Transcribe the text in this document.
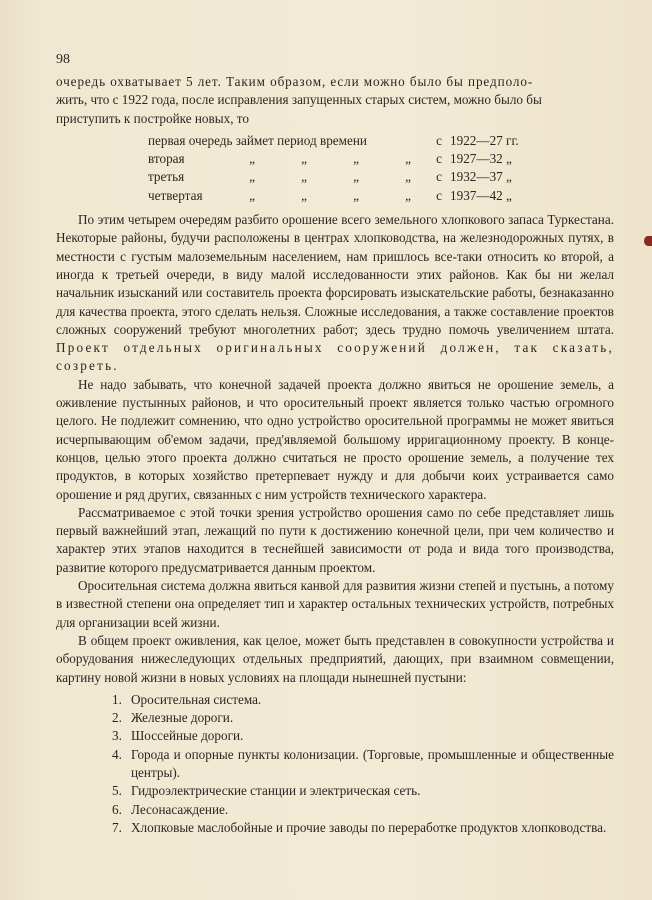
98

очередь охватывает 5 лет. Таким образом, если можно было бы предполо-
жить, что с 1922 года, после исправления запущенных старых систем, можно было бы
приступить к постройке новых, то

первая очередь займет период времени					с	1922—27 гг.
вторая	„	„	„	„	с	1927—32 „
третья	„	„	„	„	с	1932—37 „
четвертая	„	„	„	„	с	1937—42 „

По этим четырем очередям разбито орошение всего земельного хлопкового запаса Туркестана. Некоторые районы, будучи расположены в центрах хлопководства, на железнодорожных путях, в местности с густым малоземельным населением, нам пришлось все-таки относить ко второй, а иногда к третьей очереди, в виду малой исследованности этих районов. Как бы ни желал начальник изысканий или составитель проекта форсировать изыскательские работы, безнаказанно для качества проекта, этого сделать нельзя. Сложные исследования, а также составление проектов сложных сооружений требуют многолетних работ; здесь трудно помочь увеличением штата. Проект отдельных оригинальных сооружений должен, так сказать, созреть.

Не надо забывать, что конечной задачей проекта должно явиться не орошение земель, а оживление пустынных районов, и что оросительный проект является только частью огромного целого. Не подлежит сомнению, что одно устройство оросительной программы не может явиться исчерпывающим об'емом задачи, пред'являемой большому ирригационному проекту. В конце-концов, целью этого проекта должно считаться не просто орошение земель, а получение тех продуктов, в которых хозяйство претерпевает нужду и для добычи коих устраивается само орошение и ряд других, связанных с ним устройств технического характера.

Рассматриваемое с этой точки зрения устройство орошения само по себе представляет лишь первый важнейший этап, лежащий по пути к достижению конечной цели, при чем количество и характер этих этапов находится в теснейшей зависимости от рода и вида того производства, развитие которого предусматривается данным проектом.

Оросительная система должна явиться канвой для развития жизни степей и пустынь, а потому в известной степени она определяет тип и характер остальных технических устройств, потребных для организации всей жизни.

В общем проект оживления, как целое, может быть представлен в совокупности устройства и оборудования нижеследующих отдельных предприятий, дающих, при взаимном совмещении, картину новой жизни в новых условиях на площади нынешней пустыни:

1. Оросительная система.
2. Железные дороги.
3. Шоссейные дороги.
4. Города и опорные пункты колонизации. (Торговые, промышленные и общественные центры).
5. Гидроэлектрические станции и электрическая сеть.
6. Лесонасаждение.
7. Хлопковые маслобойные и прочие заводы по переработке продуктов хлопководства.
